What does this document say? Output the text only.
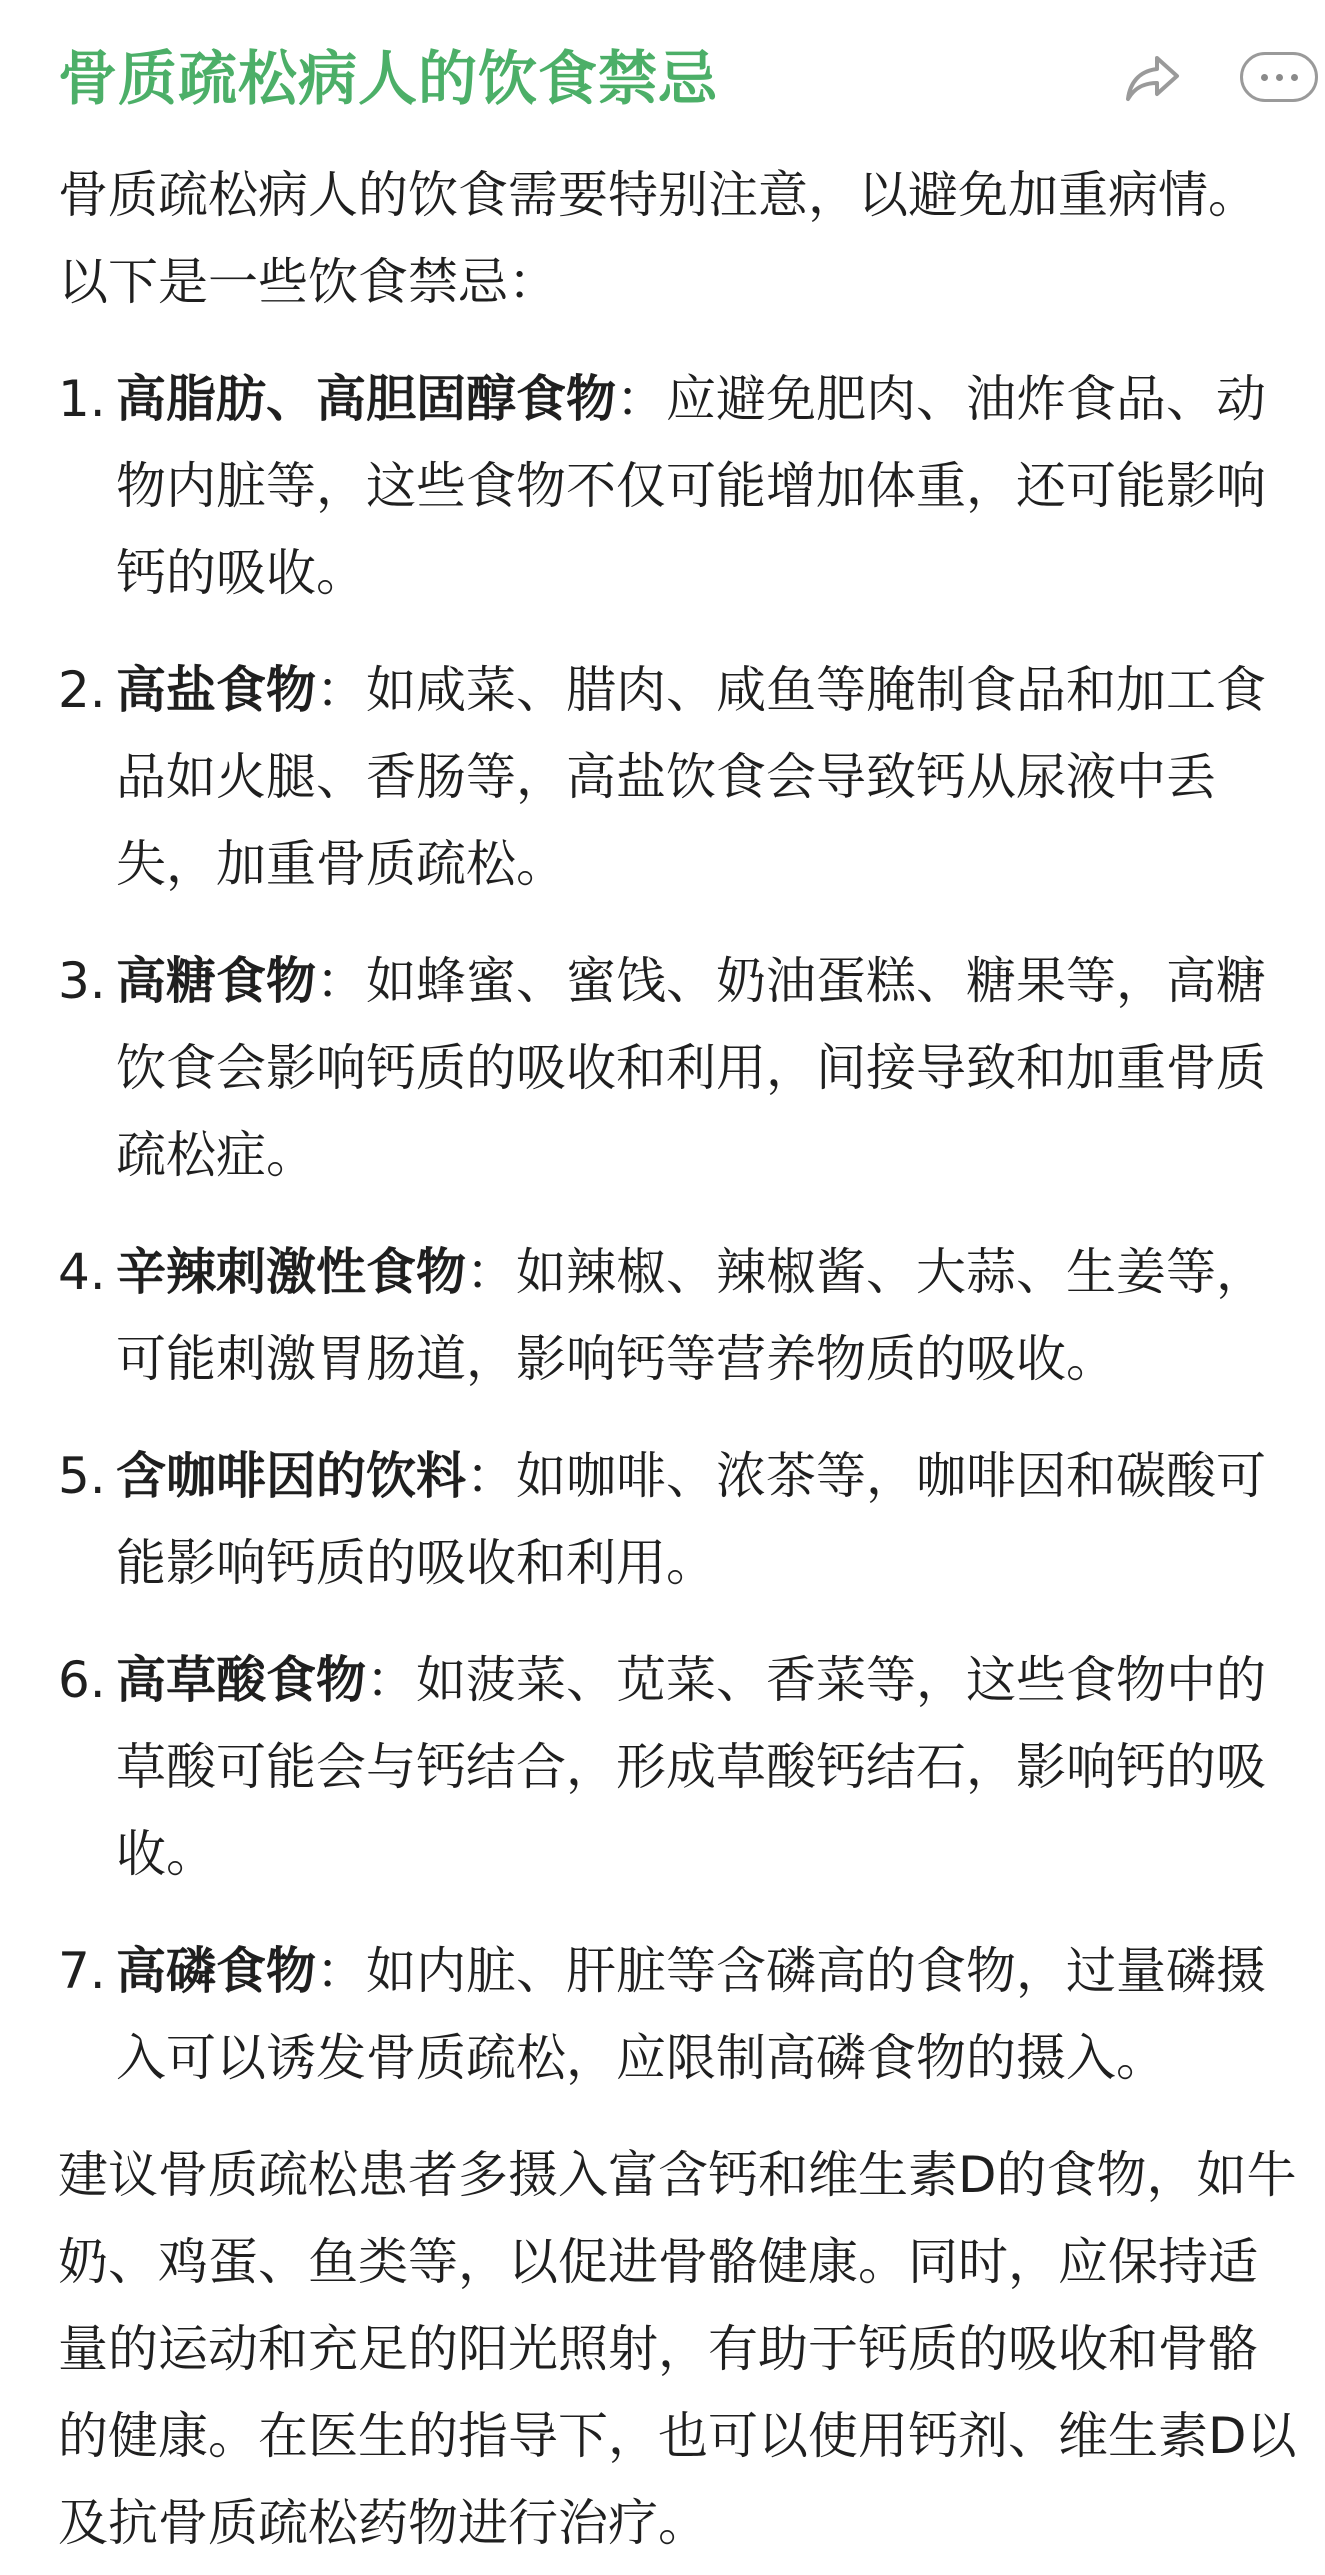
骨质疏松病人的饮食禁忌

骨质疏松病人的饮食需要特别注意，以避免加重病情。以下是一些饮食禁忌：

1. 高脂肪、高胆固醇食物：应避免肥肉、油炸食品、动物内脏等，这些食物不仅可能增加体重，还可能影响钙的吸收。
2. 高盐食物：如咸菜、腊肉、咸鱼等腌制食品和加工食品如火腿、香肠等，高盐饮食会导致钙从尿液中丢失，加重骨质疏松。
3. 高糖食物：如蜂蜜、蜜饯、奶油蛋糕、糖果等，高糖饮食会影响钙质的吸收和利用，间接导致和加重骨质疏松症。
4. 辛辣刺激性食物：如辣椒、辣椒酱、大蒜、生姜等，可能刺激胃肠道，影响钙等营养物质的吸收。
5. 含咖啡因的饮料：如咖啡、浓茶等，咖啡因和碳酸可能影响钙质的吸收和利用。
6. 高草酸食物：如菠菜、苋菜、香菜等，这些食物中的草酸可能会与钙结合，形成草酸钙结石，影响钙的吸收。
7. 高磷食物：如内脏、肝脏等含磷高的食物，过量磷摄入可以诱发骨质疏松，应限制高磷食物的摄入。

建议骨质疏松患者多摄入富含钙和维生素D的食物，如牛奶、鸡蛋、鱼类等，以促进骨骼健康。同时，应保持适量的运动和充足的阳光照射，有助于钙质的吸收和骨骼的健康。在医生的指导下，也可以使用钙剂、维生素D以及抗骨质疏松药物进行治疗。
